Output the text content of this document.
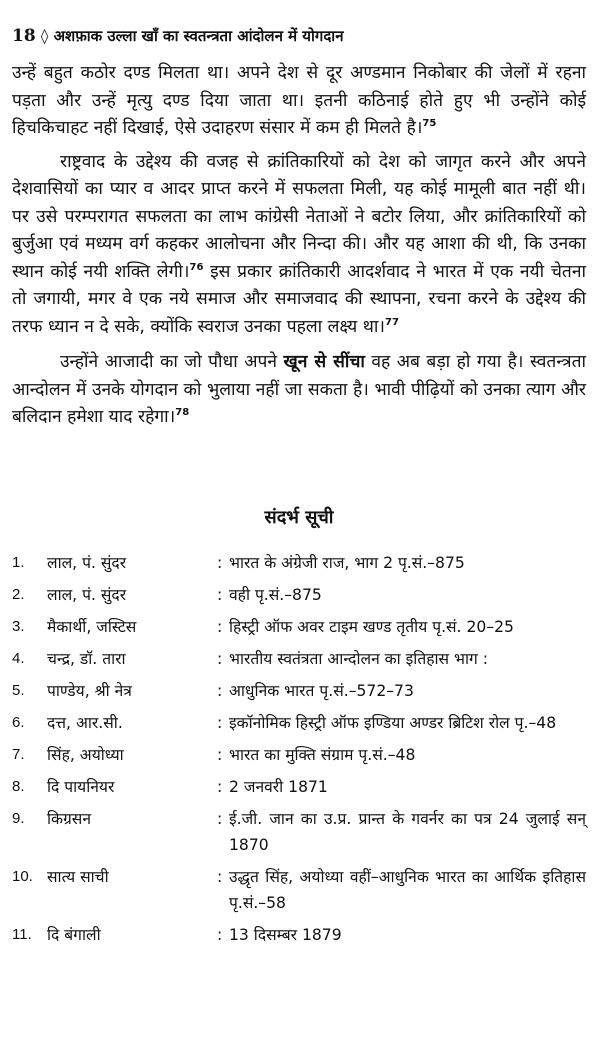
18 ◊ अशफ़ाक उल्ला खाँ का स्वतन्त्रता आंदोलन में योगदान

उन्हें बहुत कठोर दण्ड मिलता था। अपने देश से दूर अण्डमान निकोबार की जेलों में रहना पड़ता और उन्हें मृत्यु दण्ड दिया जाता था। इतनी कठिनाई होते हुए भी उन्होंने कोई हिचकिचाहट नहीं दिखाई, ऐसे उदाहरण संसार में कम ही मिलते है।$^{75}$

राष्ट्रवाद के उद्देश्य की वजह से क्रांतिकारियों को देश को जागृत करने और अपने देशवासियों का प्यार व आदर प्राप्त करने में सफलता मिली, यह कोई मामूली बात नहीं थी। पर उसे परम्परागत सफलता का लाभ कांग्रेसी नेताओं ने बटोर लिया, और क्रांतिकारियों को बुर्जुआ एवं मध्यम वर्ग कहकर आलोचना और निन्दा की। और यह आशा की थी, कि उनका स्थान कोई नयी शक्ति लेगी।$^{76}$ इस प्रकार क्रांतिकारी आदर्शवाद ने भारत में एक नयी चेतना तो जगायी, मगर वे एक नये समाज और समाजवाद की स्थापना, रचना करने के उद्देश्य की तरफ ध्यान न दे सके, क्योंकि स्वराज उनका पहला लक्ष्य था।$^{77}$

उन्होंने आजादी का जो पौधा अपने खून से सींचा वह अब बड़ा हो गया है। स्वतन्त्रता आन्दोलन में उनके योगदान को भुलाया नहीं जा सकता है। भावी पीढ़ियों को उनका त्याग और बलिदान हमेशा याद रहेगा।$^{78}$

संदर्भ सूची
1.	लाल, पं. सुंदर	: भारत के अंग्रेजी राज, भाग 2 पृ.सं.–875
2.	लाल, पं. सुंदर	: वही पृ.सं.–875
3.	मैकार्थी, जस्टिस	: हिस्ट्री ऑफ अवर टाइम खण्ड तृतीय पृ.सं. 20–25
4.	चन्द्र, डॉ. तारा	: भारतीय स्वतंत्रता आन्दोलन का इतिहास भाग :
5.	पाण्डेय, श्री नेत्र	: आधुनिक भारत पृ.सं.–572–73
6.	दत्त, आर.सी.	: इकॉनोमिक हिस्ट्री ऑफ इण्डिया अण्डर ब्रिटिश रोल पृ.–48
7.	सिंह, अयोध्या	: भारत का मुक्ति संग्राम पृ.सं.–48
8.	दि पायनियर	: 2 जनवरी 1871
9.	किग्रसन	: ई.जी. जान का उ.प्र. प्रान्त के गवर्नर का पत्र 24 जुलाई सन् 1870
10. सात्य साची	: उद्धृत सिंह, अयोध्या वहीं–आधुनिक भारत का आर्थिक इतिहास पृ.सं.–58
11. दि बंगाली	: 13 दिसम्बर 1879
